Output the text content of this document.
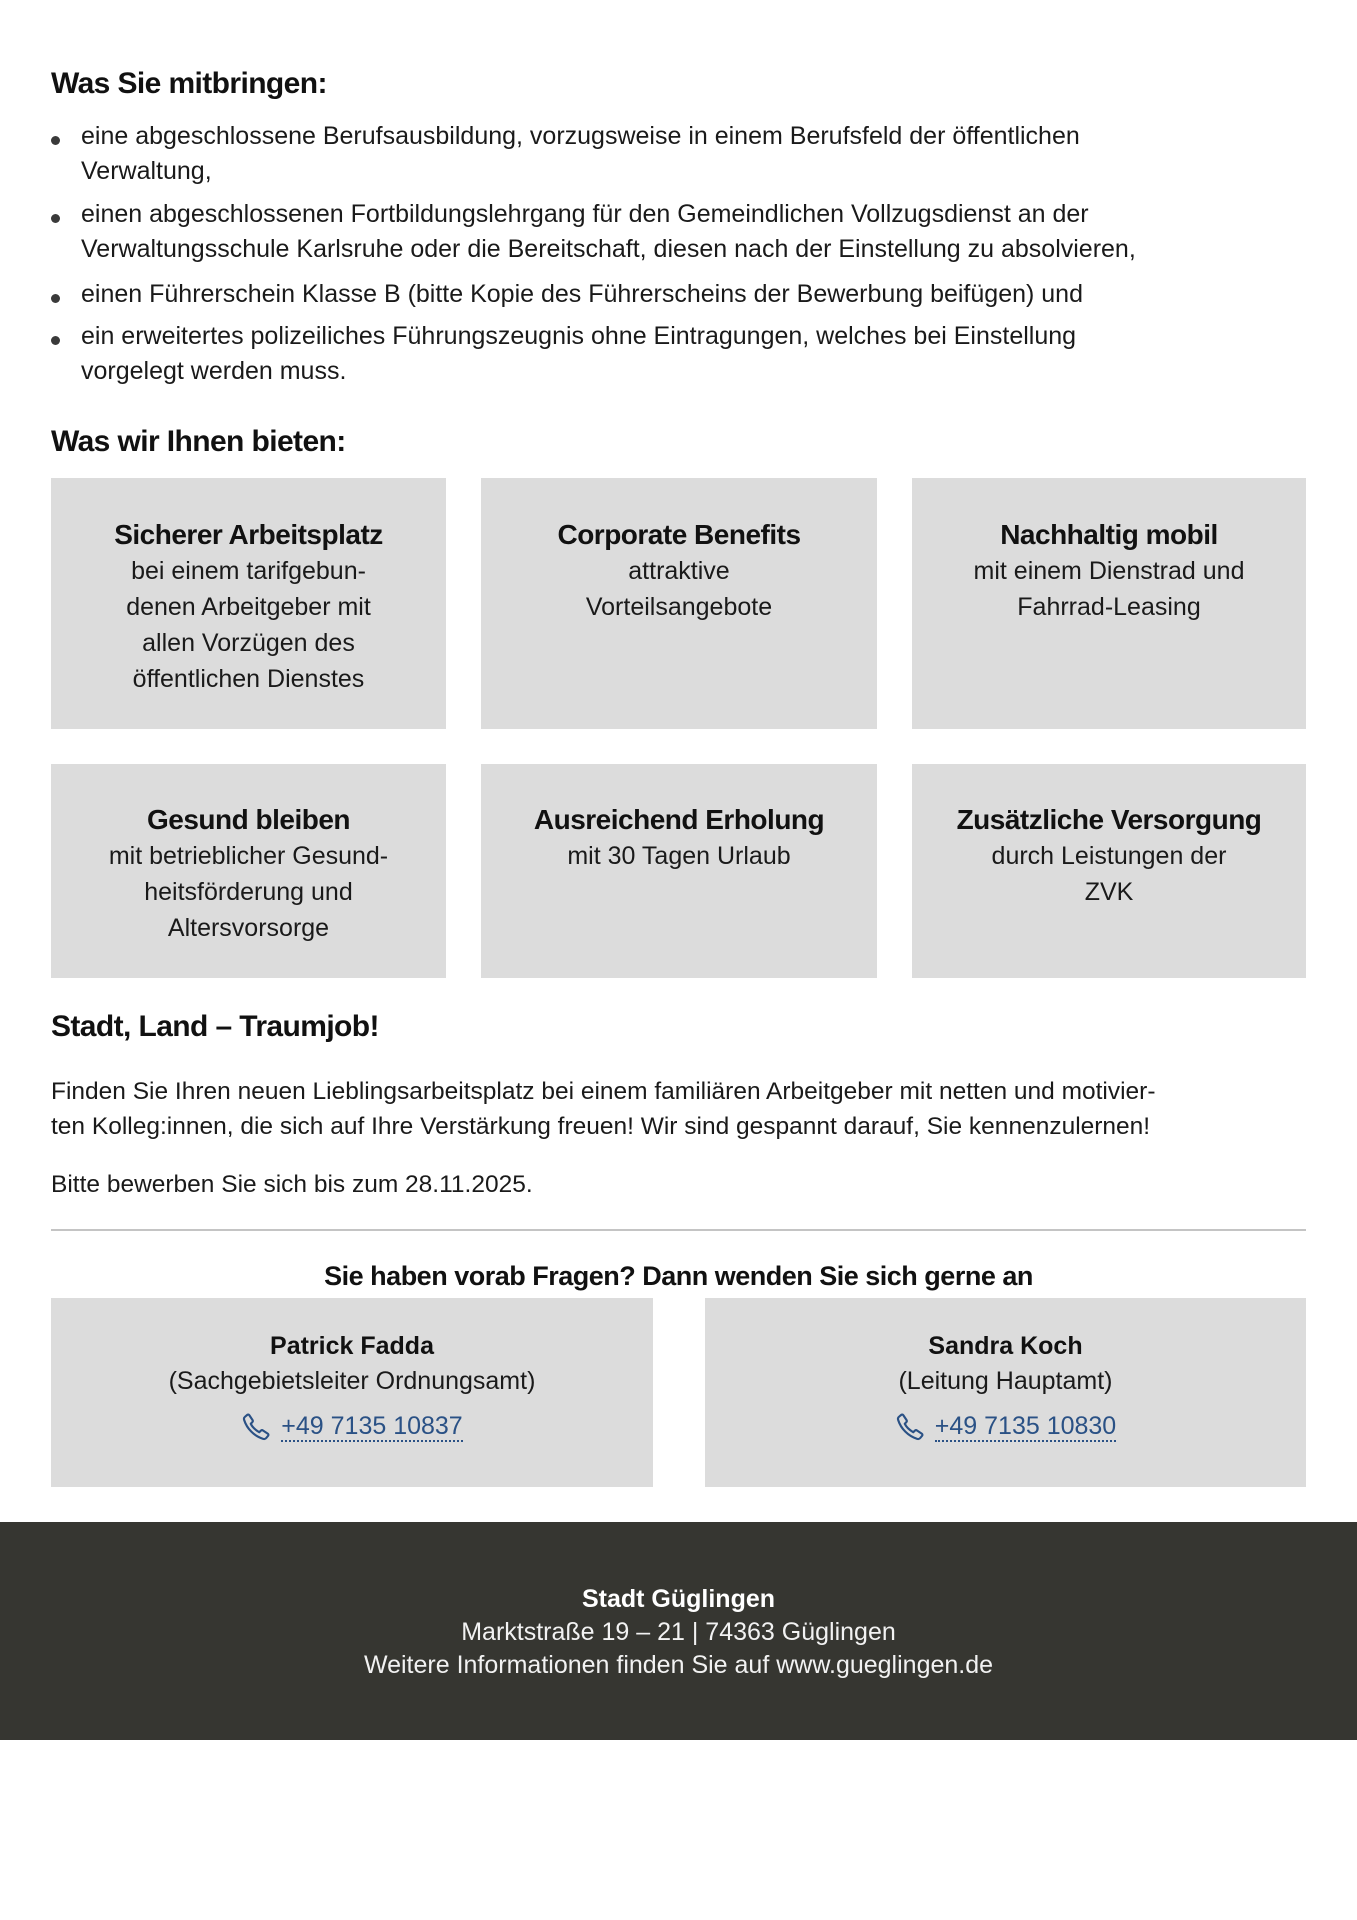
Was Sie mitbringen:
eine abgeschlossene Berufsausbildung, vorzugsweise in einem Berufsfeld der öffentlichen
Verwaltung,
einen abgeschlossenen Fortbildungslehrgang für den Gemeindlichen Vollzugsdienst an der
Verwaltungsschule Karlsruhe oder die Bereitschaft, diesen nach der Einstellung zu absolvieren,
einen Führerschein Klasse B (bitte Kopie des Führerscheins der Bewerbung beifügen) und
ein erweitertes polizeiliches Führungszeugnis ohne Eintragungen, welches bei Einstellung
vorgelegt werden muss.
Was wir Ihnen bieten:
Sicherer Arbeitsplatz
bei einem tarifgebun-
denen Arbeitgeber mit
allen Vorzügen des
öffentlichen Dienstes
Corporate Benefits
attraktive
Vorteilsangebote
Nachhaltig mobil
mit einem Dienstrad und
Fahrrad-Leasing
Gesund bleiben
mit betrieblicher Gesund-
heitsförderung und
Altersvorsorge
Ausreichend Erholung
mit 30 Tagen Urlaub
Zusätzliche Versorgung
durch Leistungen der
ZVK
Stadt, Land – Traumjob!
Finden Sie Ihren neuen Lieblingsarbeitsplatz bei einem familiären Arbeitgeber mit netten und motivier-
ten Kolleg:innen, die sich auf Ihre Verstärkung freuen! Wir sind gespannt darauf, Sie kennenzulernen!
Bitte bewerben Sie sich bis zum 28.11.2025.
Sie haben vorab Fragen? Dann wenden Sie sich gerne an
Patrick Fadda
(Sachgebietsleiter Ordnungsamt)
+49 7135 10837
Sandra Koch
(Leitung Hauptamt)
+49 7135 10830
Stadt Güglingen
Marktstraße 19 – 21 | 74363 Güglingen
Weitere Informationen finden Sie auf www.gueglingen.de
